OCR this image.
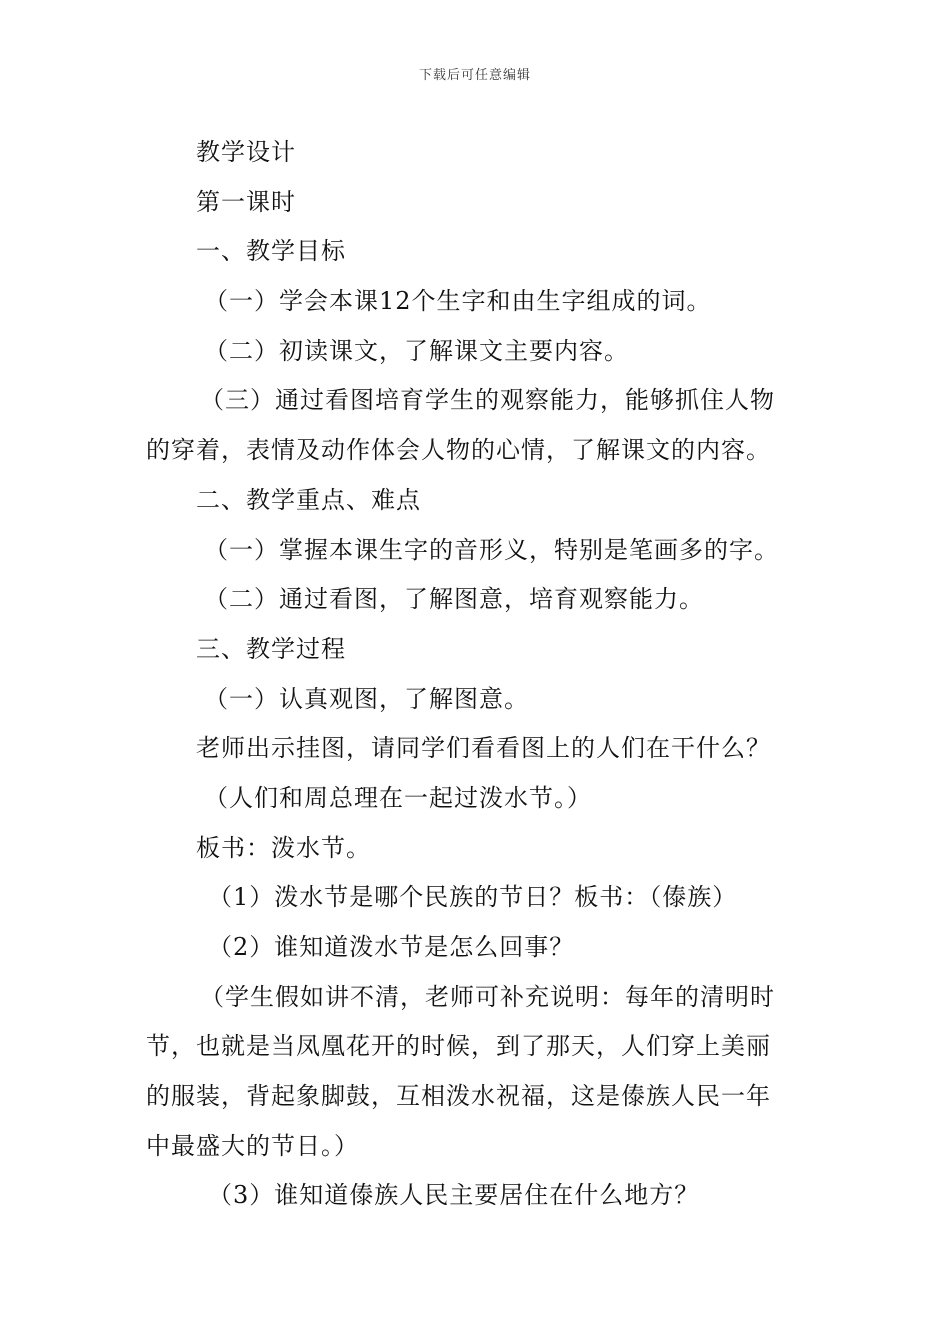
下载后可任意编辑
教学设计
第一课时
一、教学目标
（一）学会本课12个生字和由生字组成的词。
（二）初读课文，了解课文主要内容。
（三）通过看图培育学生的观察能力，能够抓住人物
的穿着，表情及动作体会人物的心情，了解课文的内容。
二、教学重点、难点
（一）掌握本课生字的音形义，特别是笔画多的字。
（二）通过看图，了解图意，培育观察能力。
三、教学过程
（一）认真观图，了解图意。
老师出示挂图，请同学们看看图上的人们在干什么？
（人们和周总理在一起过泼水节。）
板书：泼水节。
（1）泼水节是哪个民族的节日？板书：（傣族）
（2）谁知道泼水节是怎么回事？
（学生假如讲不清，老师可补充说明：每年的清明时
节，也就是当凤凰花开的时候，到了那天，人们穿上美丽
的服装，背起象脚鼓，互相泼水祝福，这是傣族人民一年
中最盛大的节日。）
（3）谁知道傣族人民主要居住在什么地方？
